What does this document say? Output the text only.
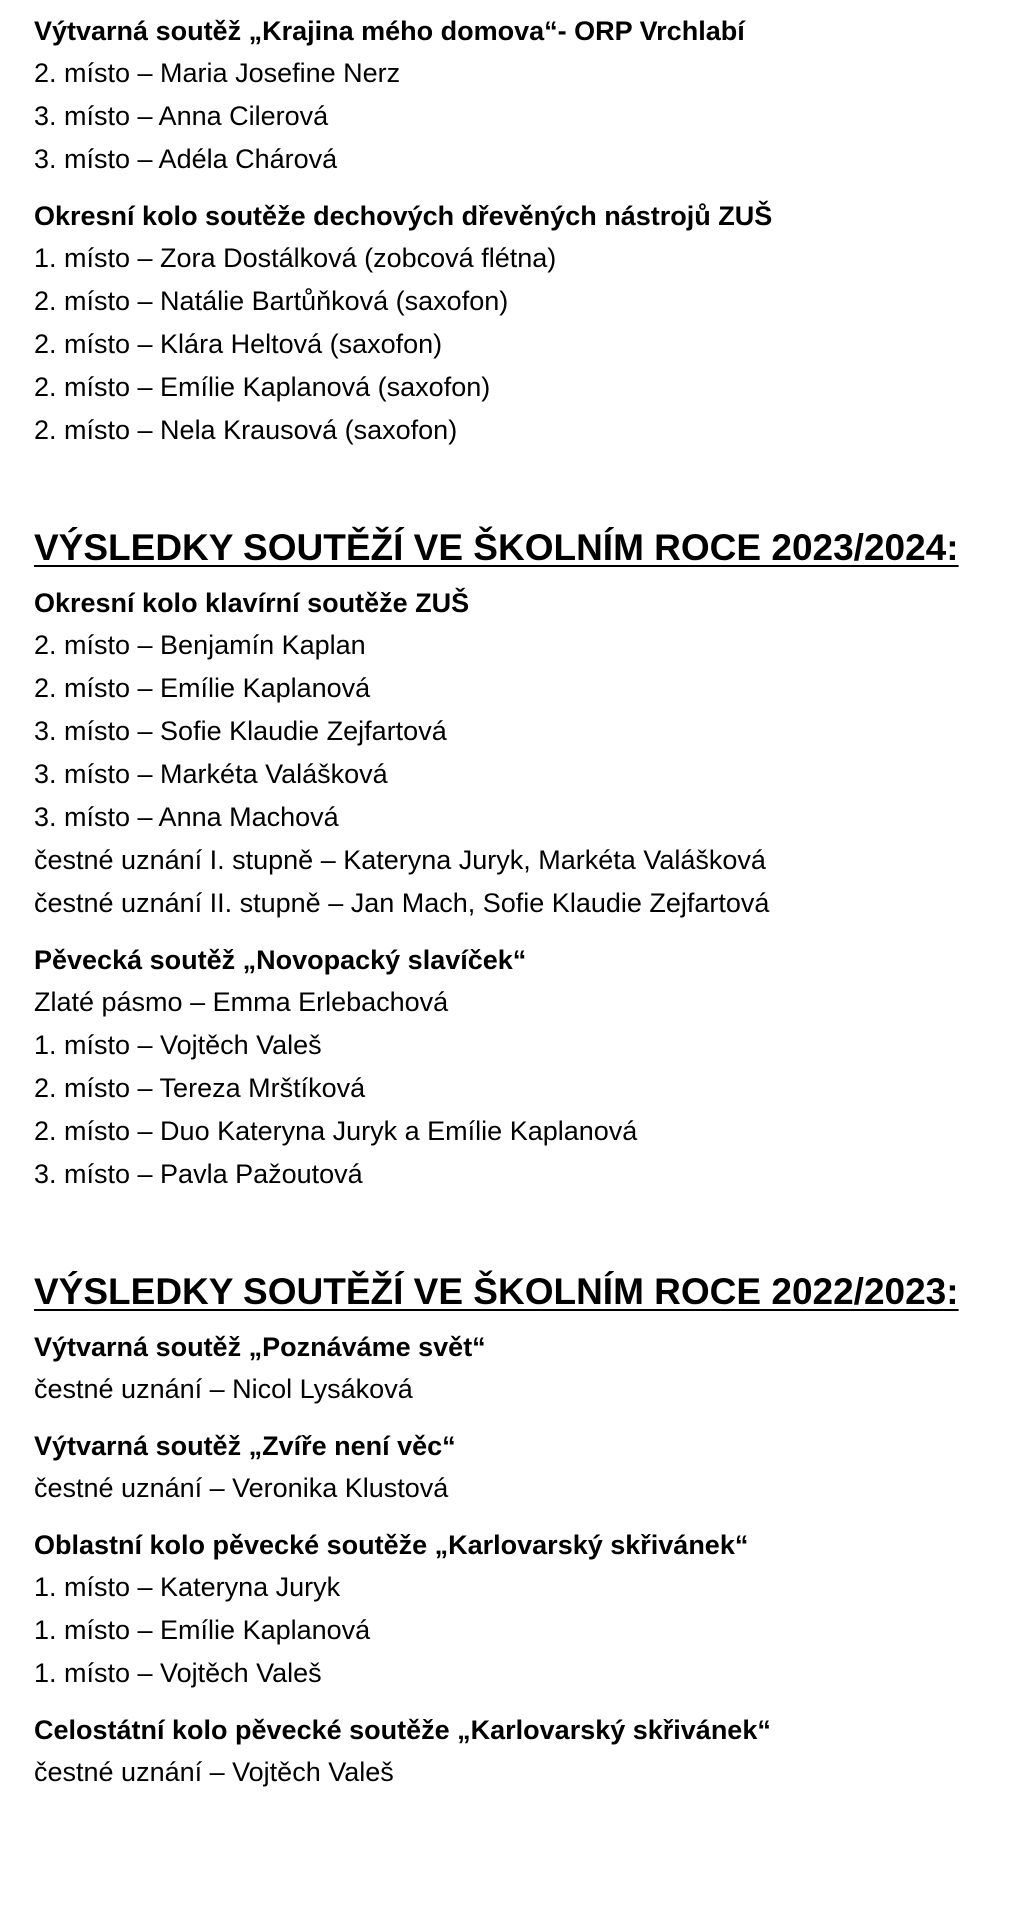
Výtvarná soutěž „Krajina mého domova“- ORP Vrchlabí

2. místo – Maria Josefine Nerz

3. místo – Anna Cilerová

3. místo – Adéla Chárová

Okresní kolo soutěže dechových dřevěných nástrojů ZUŠ

1. místo – Zora Dostálková (zobcová flétna)

2. místo – Natálie Bartůňková (saxofon)

2. místo – Klára Heltová (saxofon)

2. místo – Emílie Kaplanová (saxofon)

2. místo – Nela Krausová (saxofon)

VÝSLEDKY SOUTĚŽÍ VE ŠKOLNÍM ROCE 2023/2024:

Okresní kolo klavírní soutěže ZUŠ

2. místo – Benjamín Kaplan

2. místo – Emílie Kaplanová

3. místo – Sofie Klaudie Zejfartová

3. místo – Markéta Valášková

3. místo – Anna Machová

čestné uznání I. stupně – Kateryna Juryk, Markéta Valášková

čestné uznání II. stupně – Jan Mach, Sofie Klaudie Zejfartová

Pěvecká soutěž „Novopacký slavíček“

Zlaté pásmo – Emma Erlebachová

1. místo – Vojtěch Valeš

2. místo – Tereza Mrštíková

2. místo – Duo Kateryna Juryk a Emílie Kaplanová

3. místo – Pavla Pažoutová

VÝSLEDKY SOUTĚŽÍ VE ŠKOLNÍM ROCE 2022/2023:

Výtvarná soutěž „Poznáváme svět“

čestné uznání – Nicol Lysáková

Výtvarná soutěž „Zvíře není věc“

čestné uznání – Veronika Klustová

Oblastní kolo pěvecké soutěže „Karlovarský skřivánek“

1. místo – Kateryna Juryk

1. místo – Emílie Kaplanová

1. místo – Vojtěch Valeš

Celostátní kolo pěvecké soutěže „Karlovarský skřivánek“

čestné uznání – Vojtěch Valeš
